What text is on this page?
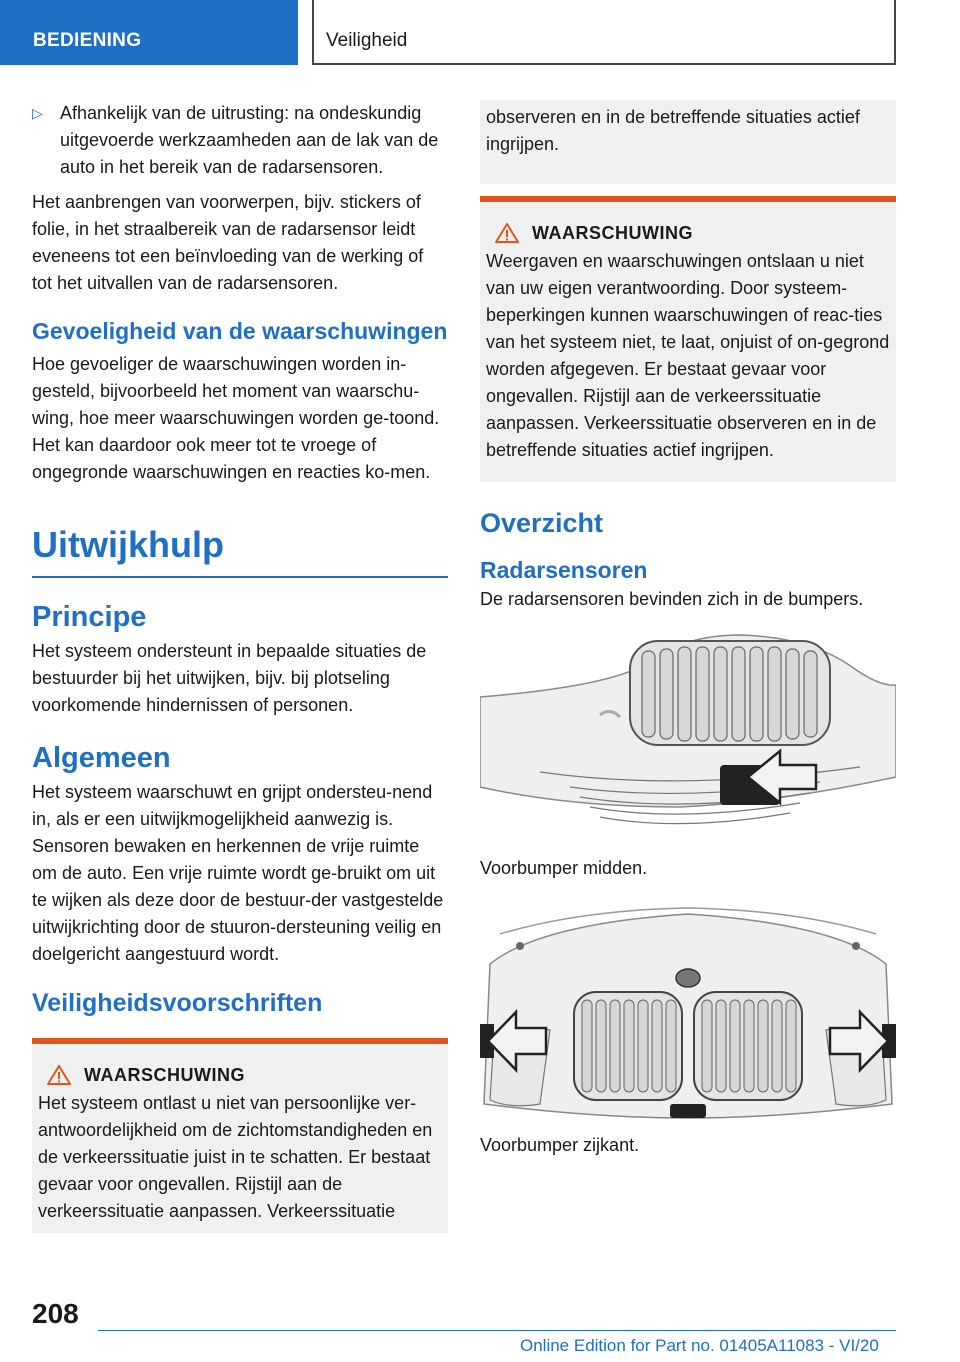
BEDIENING	Veiligheid

▷ Afhankelijk van de uitrusting: na ondeskundig uitgevoerde werkzaamheden aan de lak van de auto in het bereik van de radarsensoren.

Het aanbrengen van voorwerpen, bijv. stickers of folie, in het straalbereik van de radarsensor leidt eveneens tot een beïnvloeding van de werking of tot het uitvallen van de radarsensoren.

Gevoeligheid van de waarschuwingen

Hoe gevoeliger de waarschuwingen worden in-gesteld, bijvoorbeeld het moment van waarschu-wing, hoe meer waarschuwingen worden ge-toond. Het kan daardoor ook meer tot te vroege of ongegronde waarschuwingen en reacties ko-men.

Uitwijkhulp
Principe

Het systeem ondersteunt in bepaalde situaties de bestuurder bij het uitwijken, bijv. bij plotseling voorkomende hindernissen of personen.

Algemeen

Het systeem waarschuwt en grijpt ondersteu-nend in, als er een uitwijkmogelijkheid aanwezig is. Sensoren bewaken en herkennen de vrije ruimte om de auto. Een vrije ruimte wordt ge-bruikt om uit te wijken als deze door de bestuur-der vastgestelde uitwijkrichting door de stuuron-dersteuning veilig en doelgericht aangestuurd wordt.

Veiligheidsvoorschriften
WAARSCHUWING

Het systeem ontlast u niet van persoonlijke ver-antwoordelijkheid om de zichtomstandigheden en de verkeerssituatie juist in te schatten. Er bestaat gevaar voor ongevallen. Rijstijl aan de verkeerssituatie aanpassen. Verkeerssituatie

observeren en in de betreffende situaties actief ingrijpen.

WAARSCHUWING

Weergaven en waarschuwingen ontslaan u niet van uw eigen verantwoording. Door systeem-beperkingen kunnen waarschuwingen of reac-ties van het systeem niet, te laat, onjuist of on-gegrond worden afgegeven. Er bestaat gevaar voor ongevallen. Rijstijl aan de verkeerssituatie aanpassen. Verkeerssituatie observeren en in de betreffende situaties actief ingrijpen.

Overzicht
Radarsensoren

De radarsensoren bevinden zich in de bumpers.

Voorbumper midden.

Voorbumper zijkant.

208
Online Edition for Part no. 01405A11083 - VI/20
